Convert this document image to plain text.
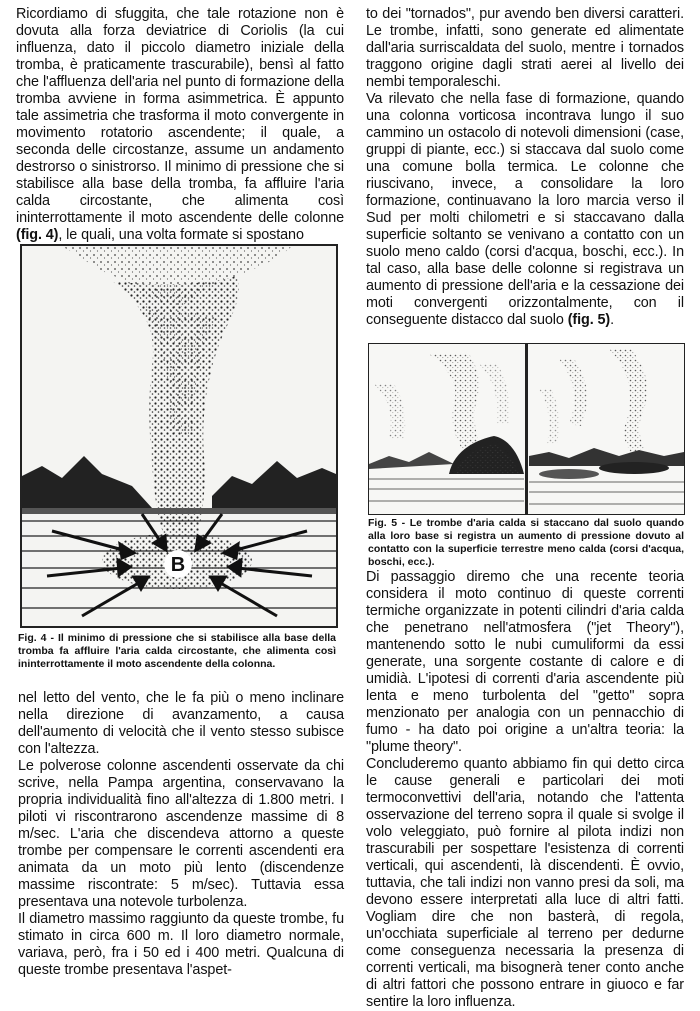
Ricordiamo di sfuggita, che tale rotazione non è dovuta alla forza deviatrice di Coriolis (la cui influenza, dato il piccolo diametro iniziale della tromba, è praticamente trascurabile), bensì al fatto che l'affluenza dell'aria nel punto di formazione della tromba avviene in forma asimmetrica. È appunto tale assimetria che trasforma il moto convergente in movimento rotatorio ascendente; il quale, a seconda delle circostanze, assume un andamento destrorso o sinistrorso. Il minimo di pressione che si stabilisce alla base della tromba, fa affluire l'aria calda circostante, che alimenta così ininterrottamente il moto ascendente delle colonne (fig. 4), le quali, una volta formate si spostano

B

Fig. 4 - Il minimo di pressione che si stabilisce alla base della tromba fa affluire l'aria calda circostante, che alimenta così ininterrottamente il moto ascendente della colonna.

nel letto del vento, che le fa più o meno inclinare nella direzione di avanzamento, a causa dell'aumento di velocità che il vento stesso subisce con l'altezza.

Le polverose colonne ascendenti osservate da chi scrive, nella Pampa argentina, conservavano la propria individualità fino all'altezza di 1.800 metri. I piloti vi riscontrarono ascendenze massime di 8 m/sec. L'aria che discendeva attorno a queste trombe per compensare le correnti ascendenti era animata da un moto più lento (discendenze massime riscontrate: 5 m/sec). Tuttavia essa presentava una notevole turbolenza.

Il diametro massimo raggiunto da queste trombe, fu stimato in circa 600 m. Il loro diametro normale, variava, però, fra i 50 ed i 400 metri. Qualcuna di queste trombe presentava l'aspet-

to dei "tornados", pur avendo ben diversi caratteri. Le trombe, infatti, sono generate ed alimentate dall'aria surriscaldata del suolo, mentre i tornados traggono origine dagli strati aerei al livello dei nembi temporaleschi.

Va rilevato che nella fase di formazione, quando una colonna vorticosa incontrava lungo il suo cammino un ostacolo di notevoli dimensioni (case, gruppi di piante, ecc.) si staccava dal suolo come una comune bolla termica. Le colonne che riuscivano, invece, a consolidare la loro formazione, continuavano la loro marcia verso il Sud per molti chilometri e si staccavano dalla superficie soltanto se venivano a contatto con un suolo meno caldo (corsi d'acqua, boschi, ecc.). In tal caso, alla base delle colonne si registrava un aumento di pressione dell'aria e la cessazione dei moti convergenti orizzontalmente, con il conseguente distacco dal suolo (fig. 5).

Fig. 5 - Le trombe d'aria calda si staccano dal suolo quando alla loro base si registra un aumento di pressione dovuto al contatto con la superficie terrestre meno calda (corsi d'acqua, boschi, ecc.).

Di passaggio diremo che una recente teoria considera il moto continuo di queste correnti termiche organizzate in potenti cilindri d'aria calda che penetrano nell'atmosfera ("jet Theory"), mantenendo sotto le nubi cumuliformi da essi generate, una sorgente costante di calore e di umidià. L'ipotesi di correnti d'aria ascendente più lenta e meno turbolenta del "getto" sopra menzionato per analogia con un pennacchio di fumo - ha dato poi origine a un'altra teoria: la "plume theory".

Concluderemo quanto abbiamo fin qui detto circa le cause generali e particolari dei moti termoconvettivi dell'aria, notando che l'attenta osservazione del terreno sopra il quale si svolge il volo veleggiato, può fornire al pilota indizi non trascurabili per sospettare l'esistenza di correnti verticali, qui ascendenti, là discendenti. È ovvio, tuttavia, che tali indizi non vanno presi da soli, ma devono essere interpretati alla luce di altri fatti. Vogliam dire che non basterà, di regola, un'occhiata superficiale al terreno per dedurne come conseguenza necessaria la presenza di correnti verticali, ma bisognerà tener conto anche di altri fattori che possono entrare in giuoco e far sentire la loro influenza.
